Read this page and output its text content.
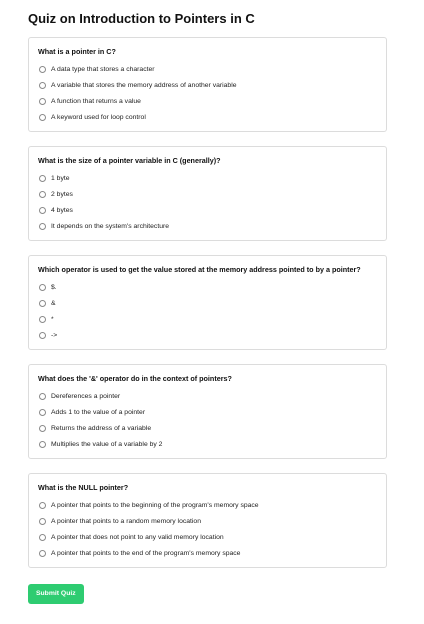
Quiz on Introduction to Pointers in C
What is a pointer in C?
A data type that stores a character
A variable that stores the memory address of another variable
A function that returns a value
A keyword used for loop control
What is the size of a pointer variable in C (generally)?
1 byte
2 bytes
4 bytes
It depends on the system's architecture
Which operator is used to get the value stored at the memory address pointed to by a pointer?
$.
&
*
->
What does the '&' operator do in the context of pointers?
Dereferences a pointer
Adds 1 to the value of a pointer
Returns the address of a variable
Multiplies the value of a variable by 2
What is the NULL pointer?
A pointer that points to the beginning of the program's memory space
A pointer that points to a random memory location
A pointer that does not point to any valid memory location
A pointer that points to the end of the program's memory space
Submit Quiz
